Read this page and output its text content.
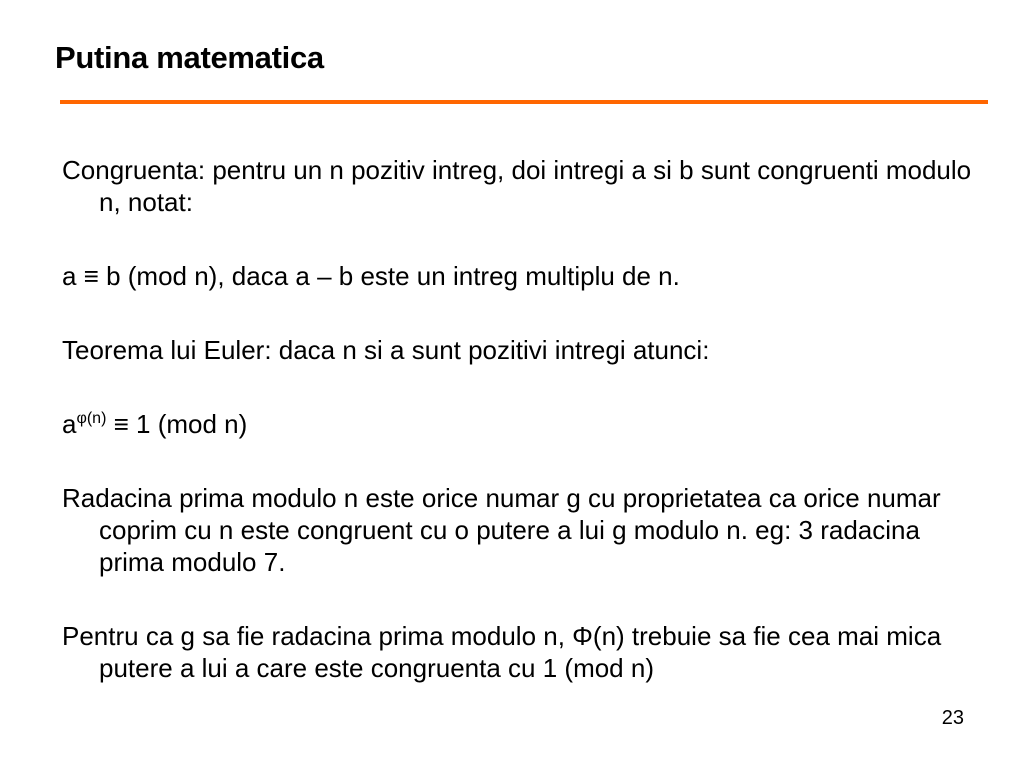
Putina matematica

Congruenta: pentru un n pozitiv intreg, doi intregi a si b sunt congruenti modulo n, notat:

a ≡ b (mod n), daca a – b este un intreg multiplu de n.

Teorema lui Euler: daca n si a sunt pozitivi intregi atunci:

$a^{\varphi(n)} \equiv 1$ (mod n)

Radacina prima modulo n este orice numar g cu proprietatea ca orice numar coprim cu n este congruent cu o putere a lui g modulo n. eg: 3 radacina prima modulo 7.

Pentru ca g sa fie radacina prima modulo n, Φ(n) trebuie sa fie cea mai mica putere a lui a care este congruenta cu 1 (mod n)

23
